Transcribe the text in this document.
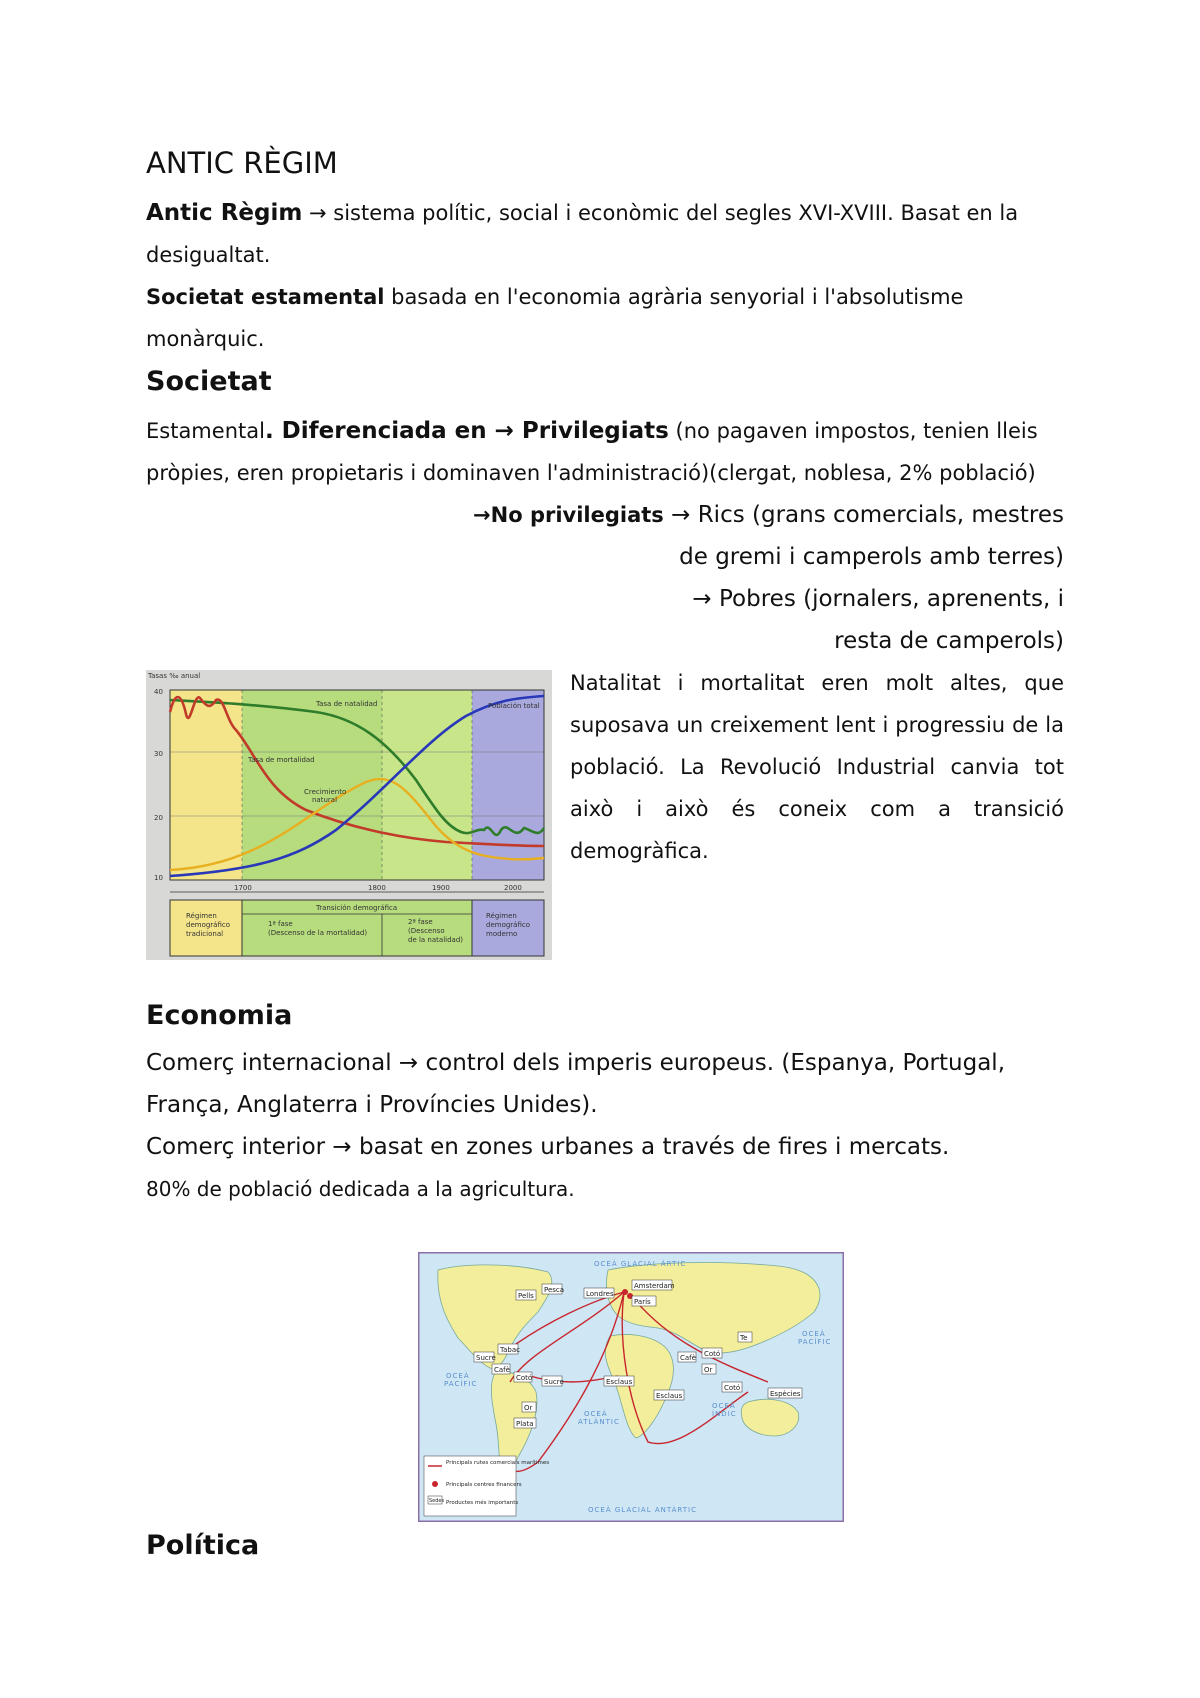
ANTIC RÈGIM

Antic Règim → sistema polític, social i econòmic del segles XVI-XVIII. Basat en la desigualtat.

Societat estamental basada en l'economia agrària senyorial i l'absolutisme monàrquic.

Societat

Estamental. Diferenciada en → Privilegiats (no pagaven impostos, tenien lleis pròpies, eren propietaris i dominaven l'administració)(clergat, noblesa, 2% població)

→No privilegiats → Rics (grans comercials, mestres

de gremi i camperols amb terres)

→ Pobres (jornalers, aprenents, i

resta de camperols)

Tasas ‰ anual
40
30
20
10
1700	1800	1900	2000
Tasa de natalidad
Tasa de mortalidad
Crecimiento
natural
Población total
Transición demográfica
Régimen
demográfico
tradicional
1ª fase
(Descenso de la mortalidad)
2ª fase
(Descenso
de la natalidad)
Régimen
demográfico
moderno

Natalitat i mortalitat eren molt altes, que suposava un creixement lent i progressiu de la població. La Revolució Industrial canvia tot això i això és coneix com a transició demogràfica.

Economia

Comerç internacional → control dels imperis europeus. (Espanya, Portugal, França, Anglaterra i Províncies Unides).

Comerç interior → basat en zones urbanes a través de fires i mercats.

80% de població dedicada a la agricultura.

OCEÀ GLACIAL ÀRTIC
OCEÀ
PACÍFIC
OCEÀ
PACÍFIC
OCEÀ
ATLÀNTIC
OCEÀ
ÍNDIC
OCEÀ GLACIAL ANTÀRTIC
Londres
Amsterdam
París
Pells
Pesca
Sucre
Tabac
Cafè
Cotó Sucre
Or
Plata
Esclaus
Cafè Cotó
Or
Te
Espècies
Cotó
Esclaus
Principals rutes comercials marítimes
Principals centres financers
Sedes Productes més importants
Política
